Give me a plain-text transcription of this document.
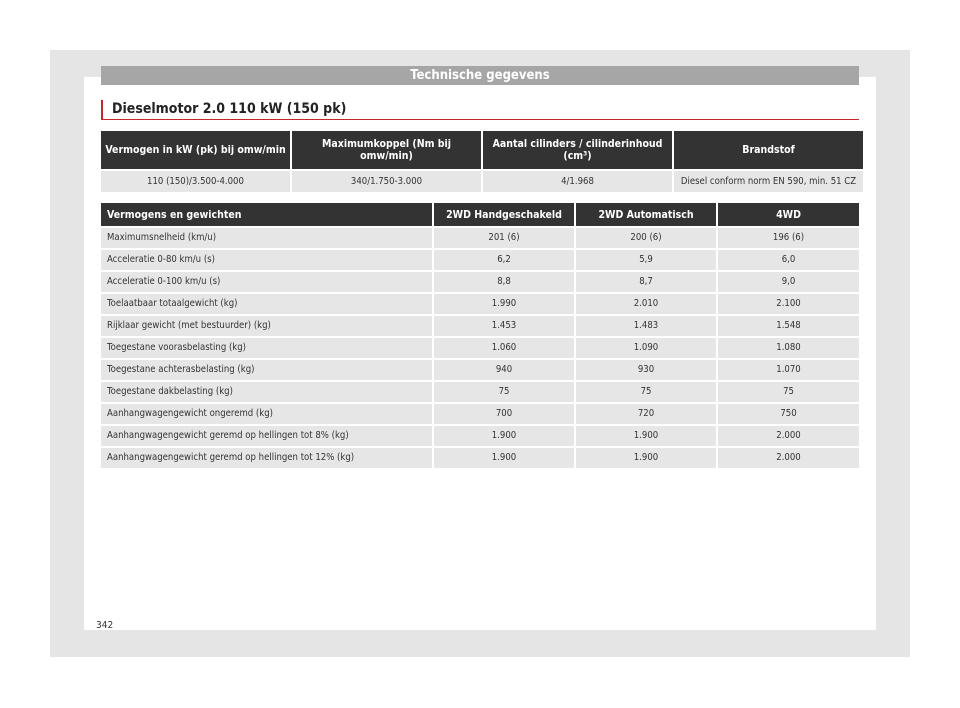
Technische gegevens
Dieselmotor 2.0 110 kW (150 pk)
Vermogen in kW (pk) bij omw/min	Maximumkoppel (Nm bij omw/min)	Aantal cilinders / cilinderinhoud (cm³)	Brandstof
110 (150)/3.500-4.000	340/1.750-3.000	4/1.968	Diesel conform norm EN 590, min. 51 CZ
Vermogens en gewichten	2WD Handgeschakeld	2WD Automatisch	4WD
Maximumsnelheid (km/u)	201 (6)	200 (6)	196 (6)
Acceleratie 0-80 km/u (s)	6,2	5,9	6,0
Acceleratie 0-100 km/u (s)	8,8	8,7	9,0
Toelaatbaar totaalgewicht (kg)	1.990	2.010	2.100
Rijklaar gewicht (met bestuurder) (kg)	1.453	1.483	1.548
Toegestane voorasbelasting (kg)	1.060	1.090	1.080
Toegestane achterasbelasting (kg)	940	930	1.070
Toegestane dakbelasting (kg)	75	75	75
Aanhangwagengewicht ongeremd (kg)	700	720	750
Aanhangwagengewicht geremd op hellingen tot 8% (kg)	1.900	1.900	2.000
Aanhangwagengewicht geremd op hellingen tot 12% (kg)	1.900	1.900	2.000
342
